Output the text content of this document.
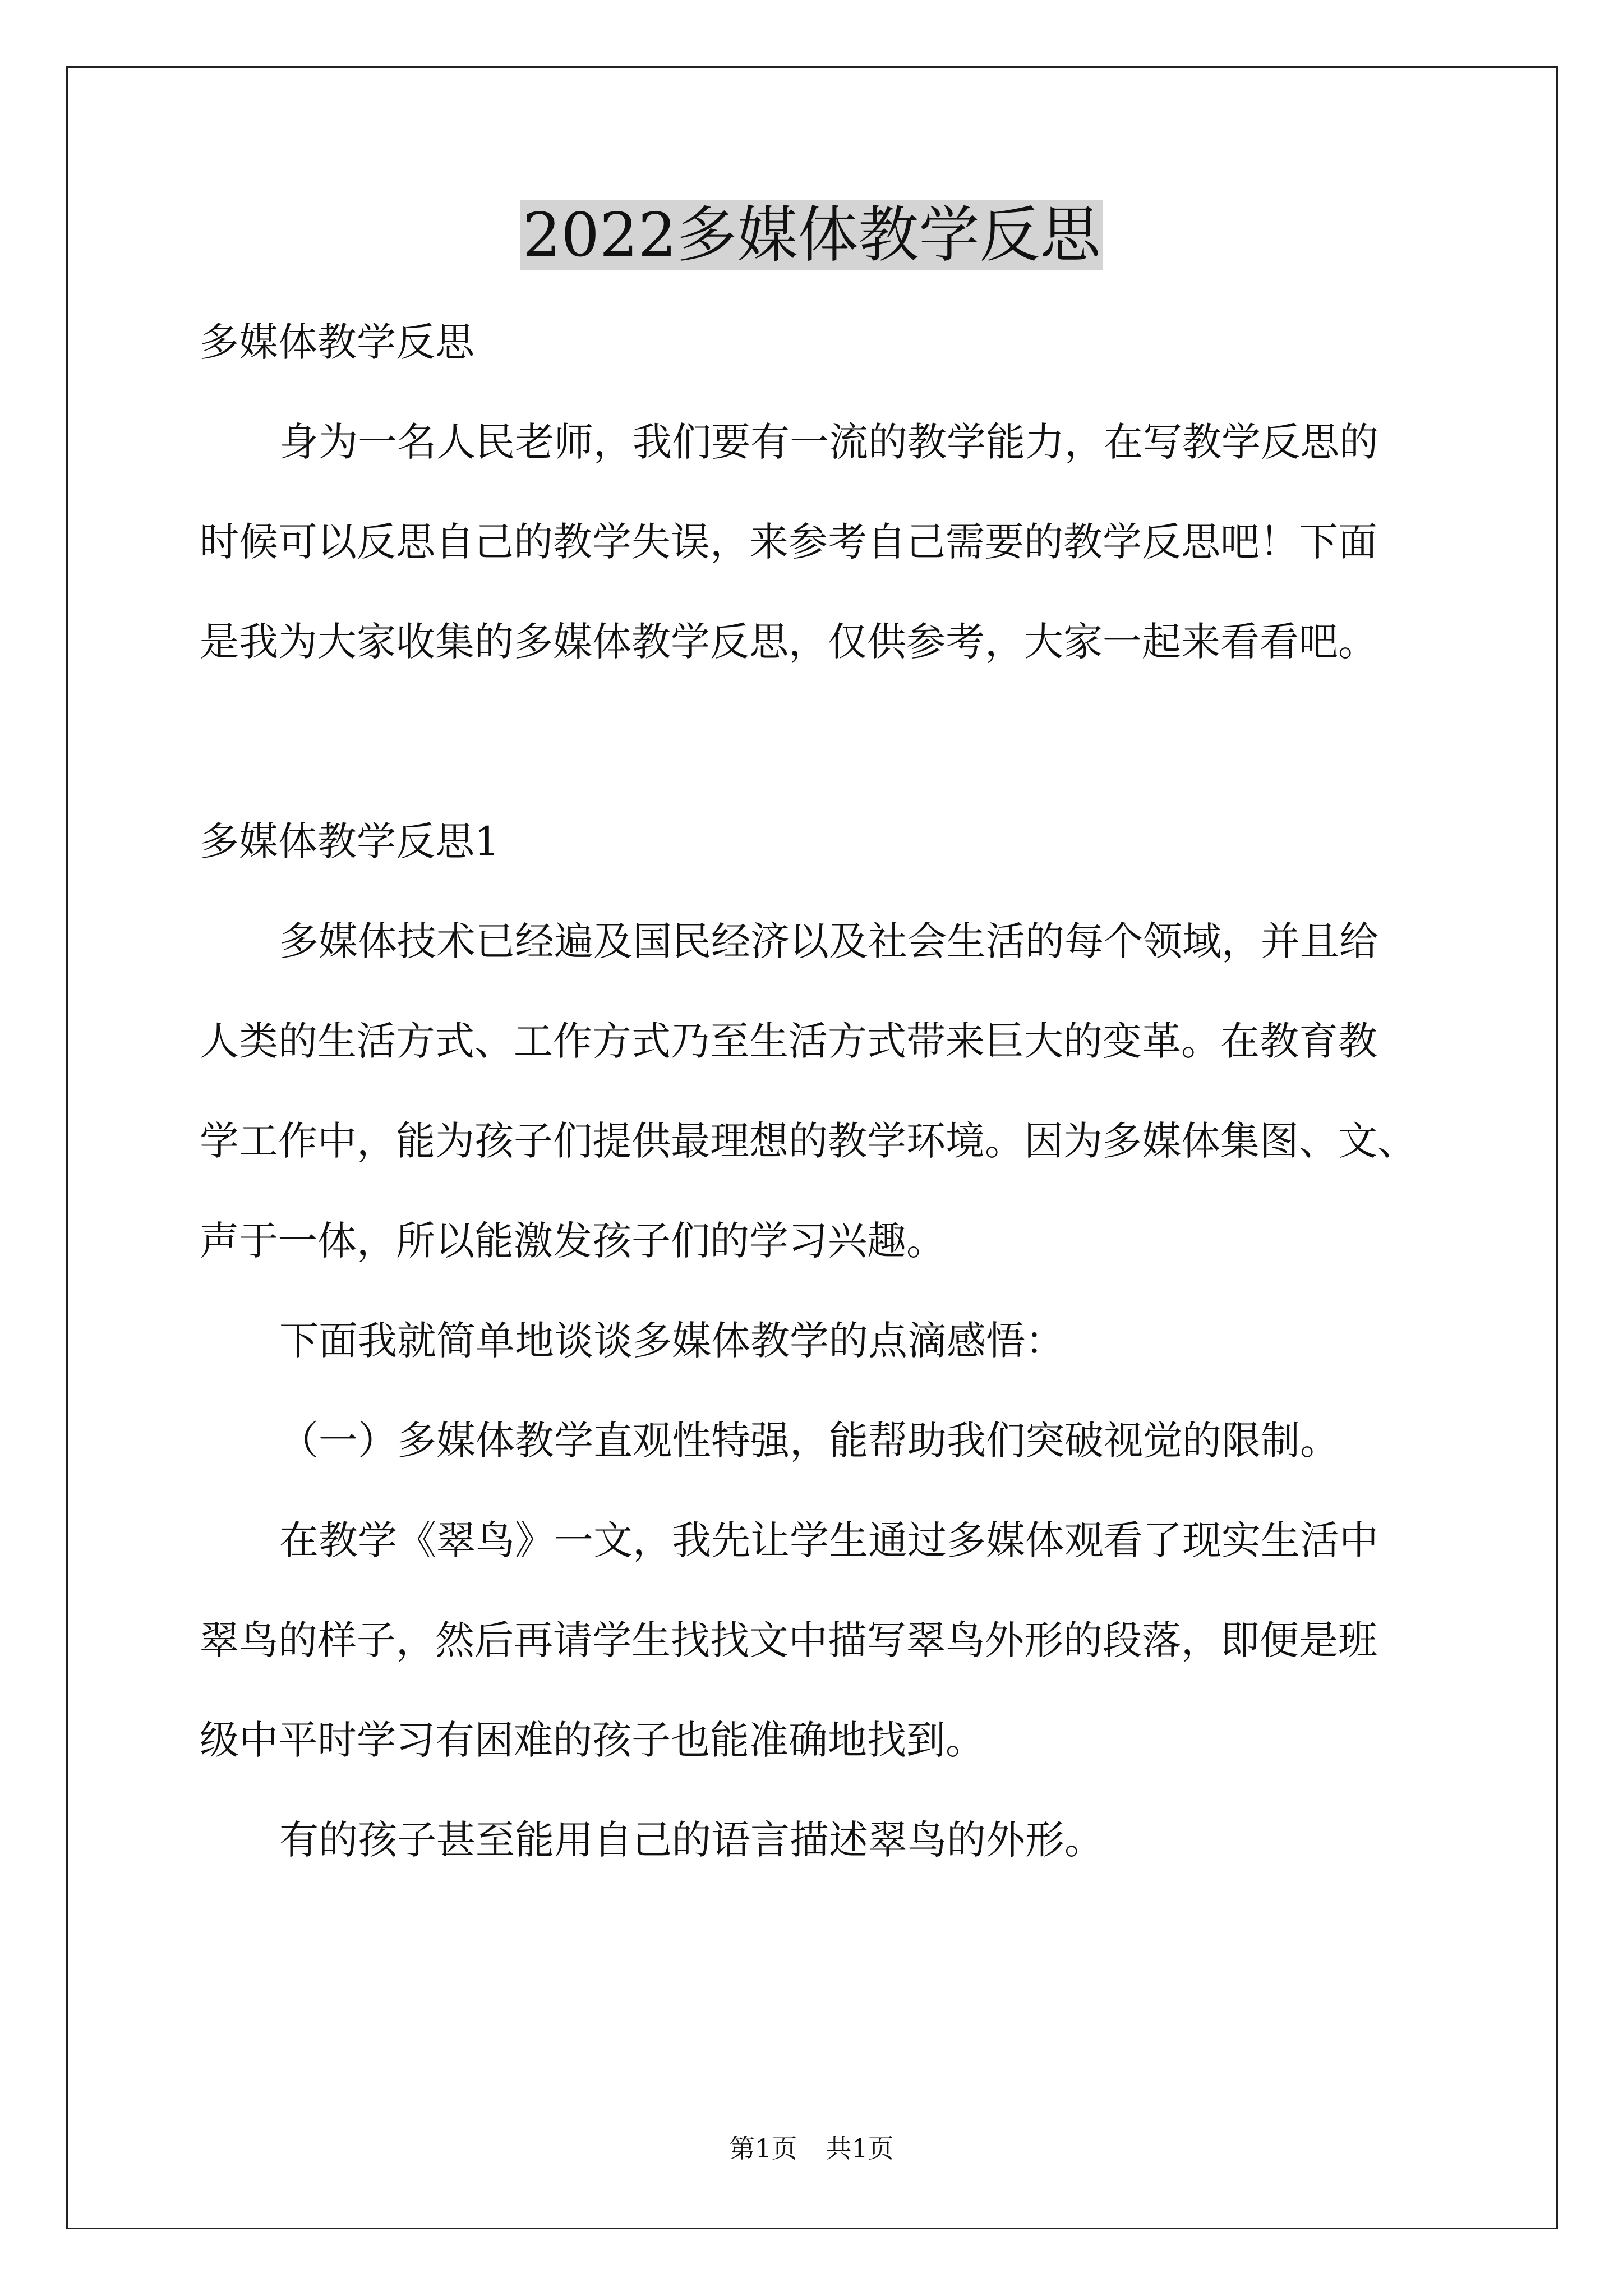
2022多媒体教学反思

多媒体教学反思

身为一名人民老师，我们要有一流的教学能力，在写教学反思的

时候可以反思自己的教学失误，来参考自己需要的教学反思吧！下面

是我为大家收集的多媒体教学反思，仅供参考，大家一起来看看吧。

多媒体教学反思1

多媒体技术已经遍及国民经济以及社会生活的每个领域，并且给

人类的生活方式、工作方式乃至生活方式带来巨大的变革。在教育教

学工作中，能为孩子们提供最理想的教学环境。因为多媒体集图、文、

声于一体，所以能激发孩子们的学习兴趣。

下面我就简单地谈谈多媒体教学的点滴感悟：

（一）多媒体教学直观性特强，能帮助我们突破视觉的限制。

在教学《翠鸟》一文，我先让学生通过多媒体观看了现实生活中

翠鸟的样子，然后再请学生找找文中描写翠鸟外形的段落，即便是班

级中平时学习有困难的孩子也能准确地找到。

有的孩子甚至能用自己的语言描述翠鸟的外形。

第1页 共1页
